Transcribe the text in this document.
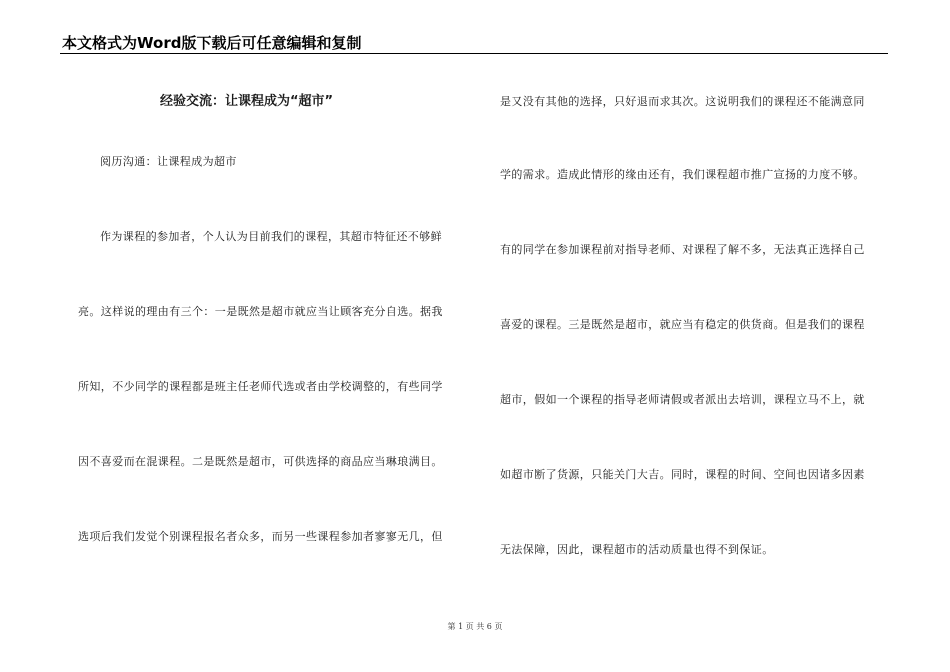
本文格式为Word版下载后可任意编辑和复制
经验交流：让课程成为“超市”
阅历沟通：让课程成为超市
作为课程的参加者，个人认为目前我们的课程，其超市特征还不够鲜
亮。这样说的理由有三个：一是既然是超市就应当让顾客充分自选。据我
所知，不少同学的课程都是班主任老师代选或者由学校调整的，有些同学
因不喜爱而在混课程。二是既然是超市，可供选择的商品应当琳琅满目。
选项后我们发觉个别课程报名者众多，而另一些课程参加者寥寥无几，但
是又没有其他的选择，只好退而求其次。这说明我们的课程还不能满意同
学的需求。造成此情形的缘由还有，我们课程超市推广宣扬的力度不够。
有的同学在参加课程前对指导老师、对课程了解不多，无法真正选择自己
喜爱的课程。三是既然是超市，就应当有稳定的供货商。但是我们的课程
超市，假如一个课程的指导老师请假或者派出去培训，课程立马不上，就
如超市断了货源，只能关门大吉。同时，课程的时间、空间也因诸多因素
无法保障，因此，课程超市的活动质量也得不到保证。
第 1 页 共 6 页
